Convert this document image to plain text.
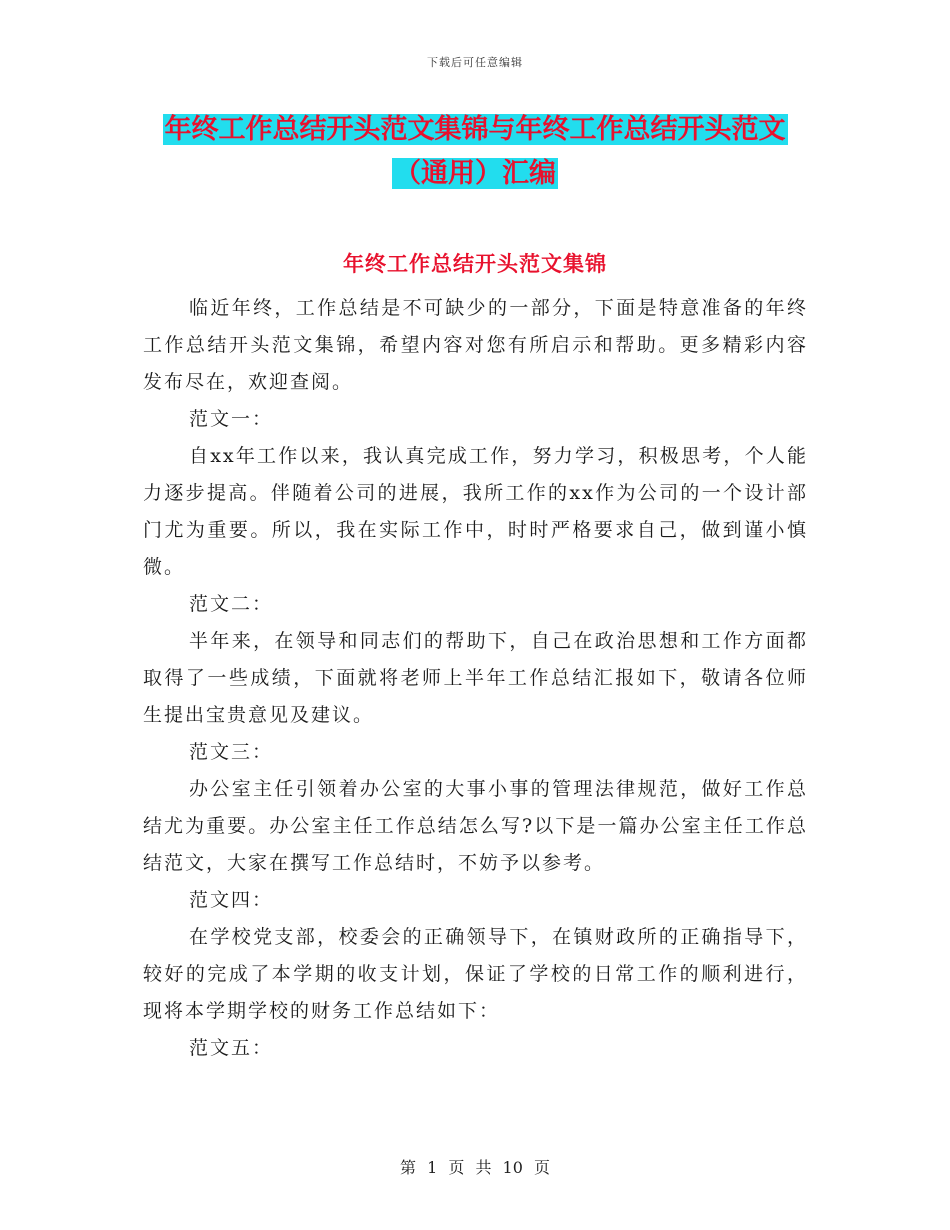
下载后可任意编辑
年终工作总结开头范文集锦与年终工作总结开头范文
（通用）汇编
年终工作总结开头范文集锦

临近年终，工作总结是不可缺少的一部分，下面是特意准备的年终工作总结开头范文集锦，希望内容对您有所启示和帮助。更多精彩内容发布尽在，欢迎查阅。

范文一：

自xx年工作以来，我认真完成工作，努力学习，积极思考，个人能力逐步提高。伴随着公司的进展，我所工作的xx作为公司的一个设计部门尤为重要。所以，我在实际工作中，时时严格要求自己，做到谨小慎微。

范文二：

半年来，在领导和同志们的帮助下，自己在政治思想和工作方面都取得了一些成绩，下面就将老师上半年工作总结汇报如下，敬请各位师生提出宝贵意见及建议。

范文三：

办公室主任引领着办公室的大事小事的管理法律规范，做好工作总结尤为重要。办公室主任工作总结怎么写?以下是一篇办公室主任工作总结范文，大家在撰写工作总结时，不妨予以参考。

范文四：

在学校党支部，校委会的正确领导下，在镇财政所的正确指导下，较好的完成了本学期的收支计划，保证了学校的日常工作的顺利进行，现将本学期学校的财务工作总结如下：

范文五：

第 1 页 共 10 页
